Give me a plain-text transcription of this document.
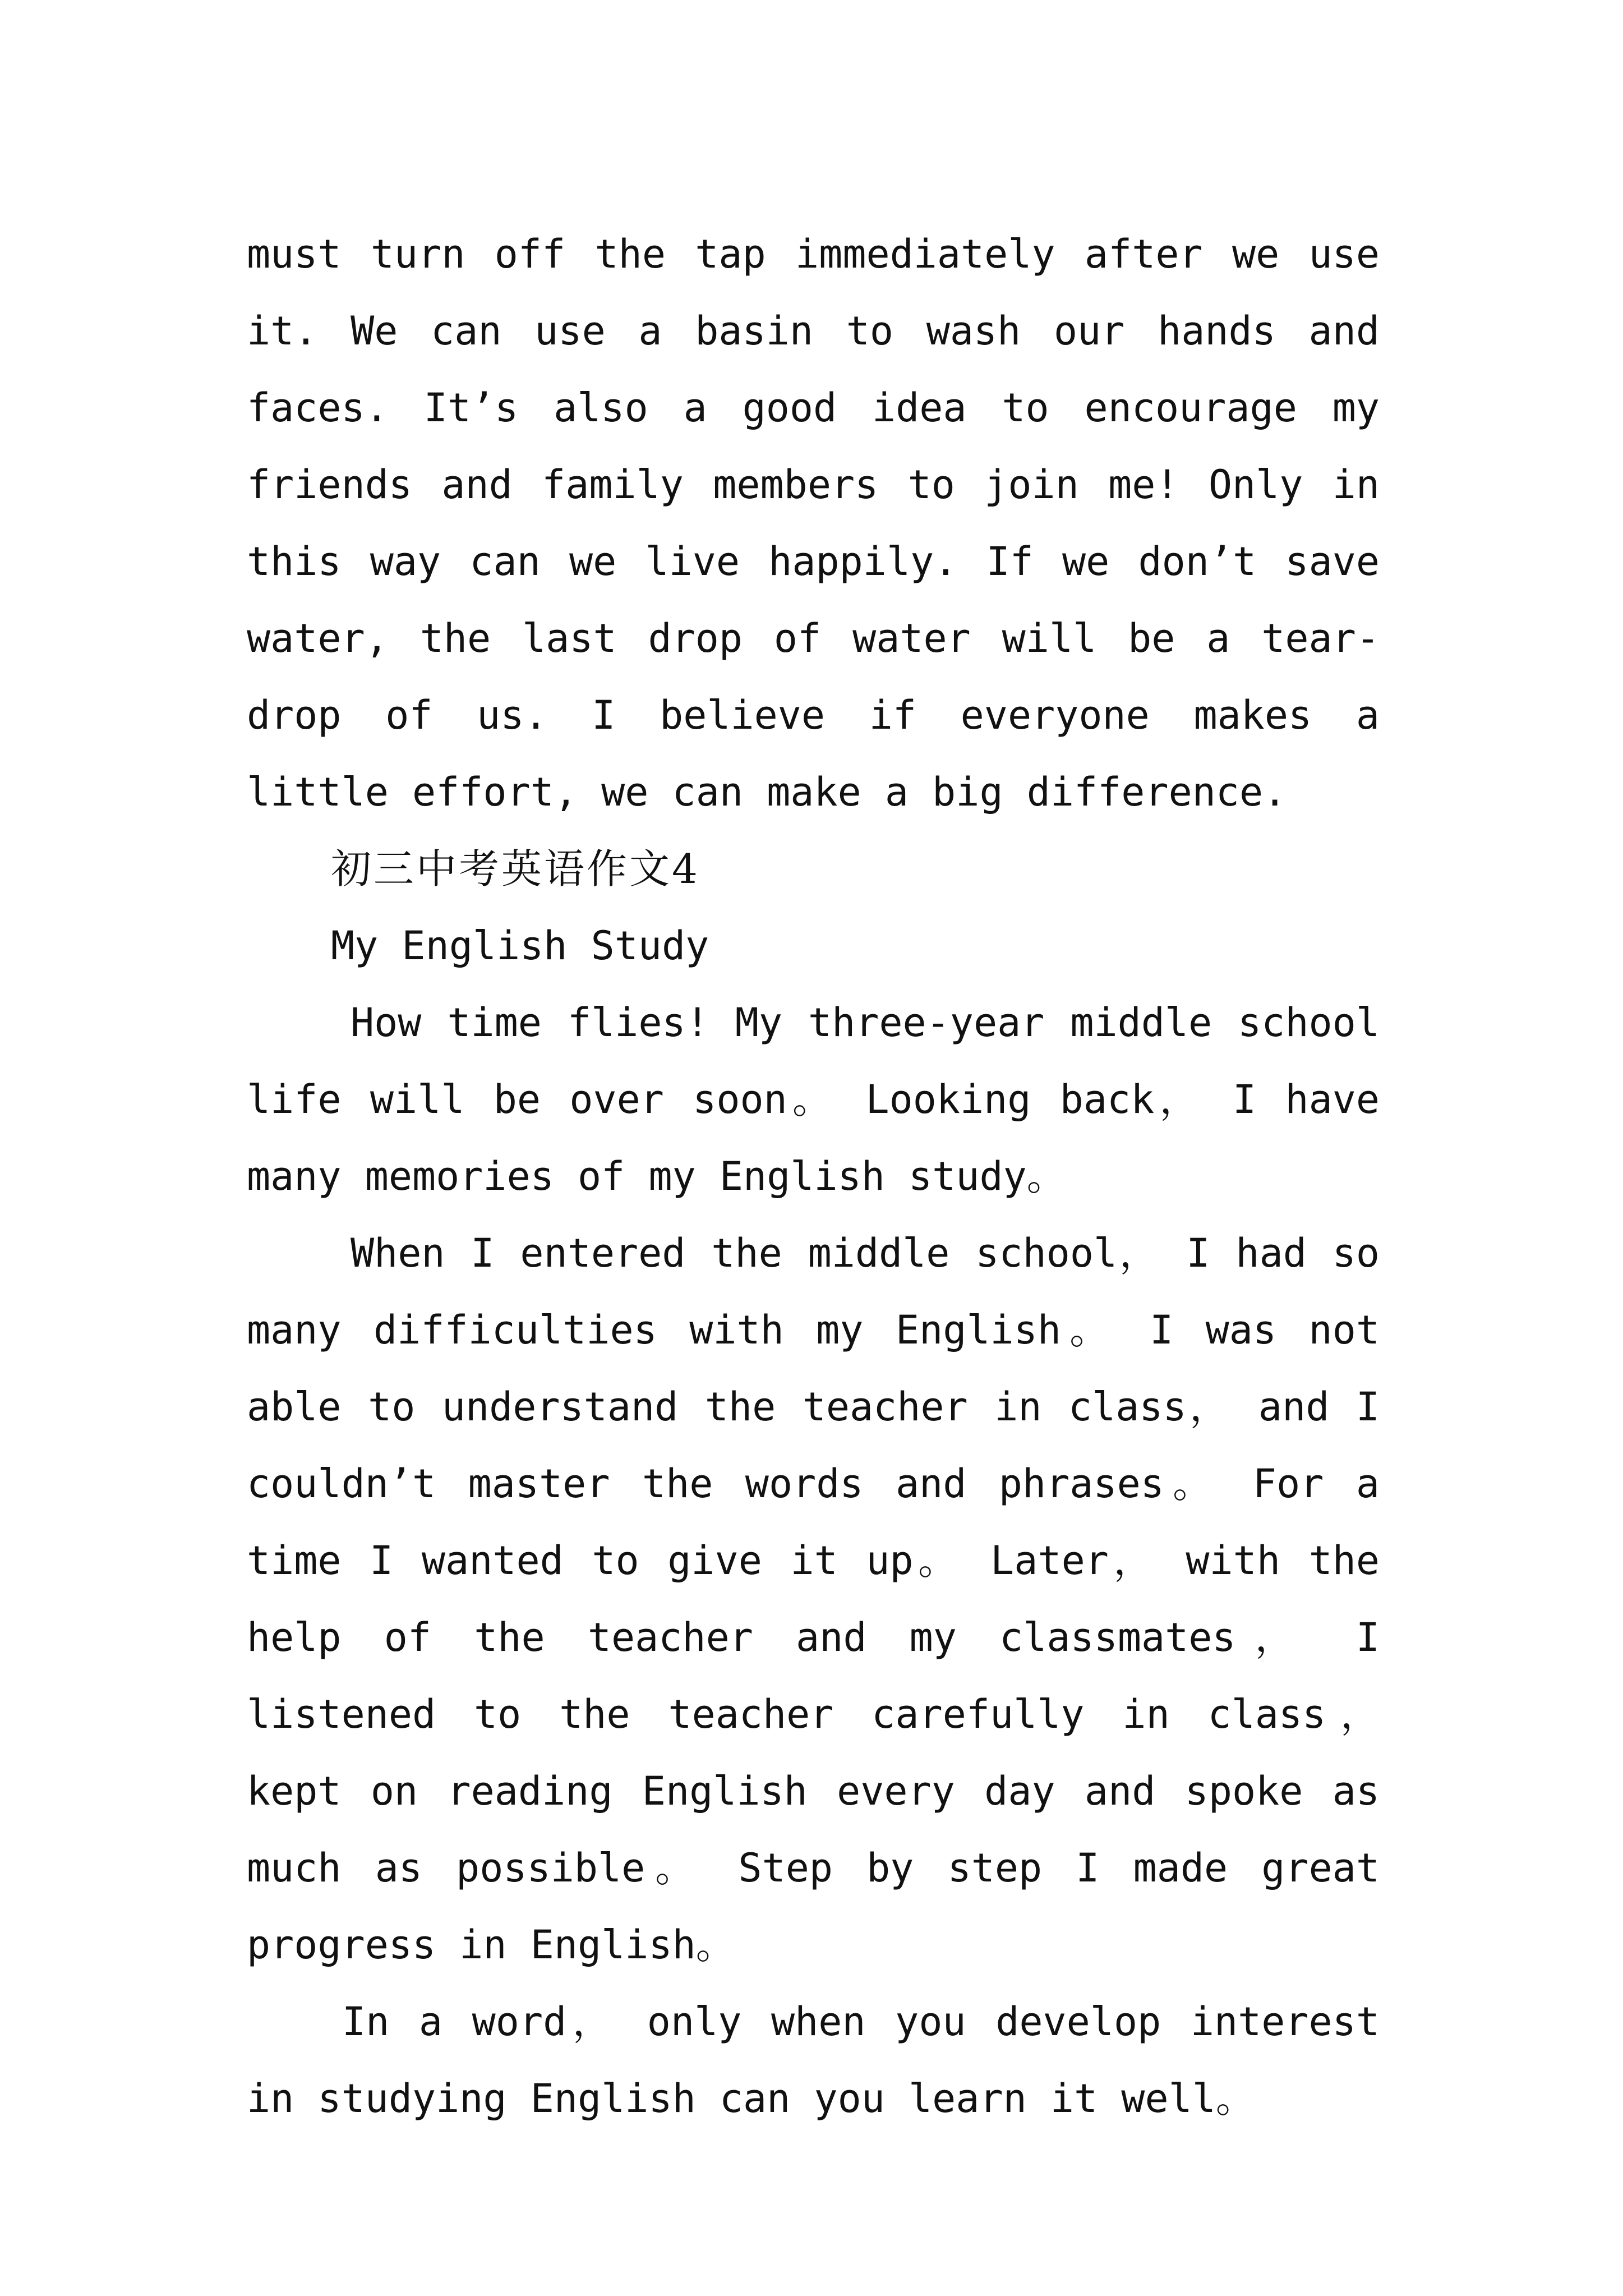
must turn off the tap immediately after we use it. We can use a basin to wash our hands and faces. It’s also a good idea to encourage my friends and family members to join me! Only in this way can we live happily. If we don’t save water, the last drop of water will be a tear-drop of us. I believe if everyone makes a little effort, we can make a big difference.

初三中考英语作文4

My English Study

How time flies! My three-year middle school life will be over soon。 Looking back， I have many memories of my English study。

When I entered the middle school， I had so many difficulties with my English。 I was not able to understand the teacher in class， and I couldn’t master the words and phrases。 For a time I wanted to give it up。 Later， with the help of the teacher and my classmates， I listened to the teacher carefully in class， kept on reading English every day and spoke as much as possible。 Step by step I made great progress in English。

In a word， only when you develop interest in studying English can you learn it well。
